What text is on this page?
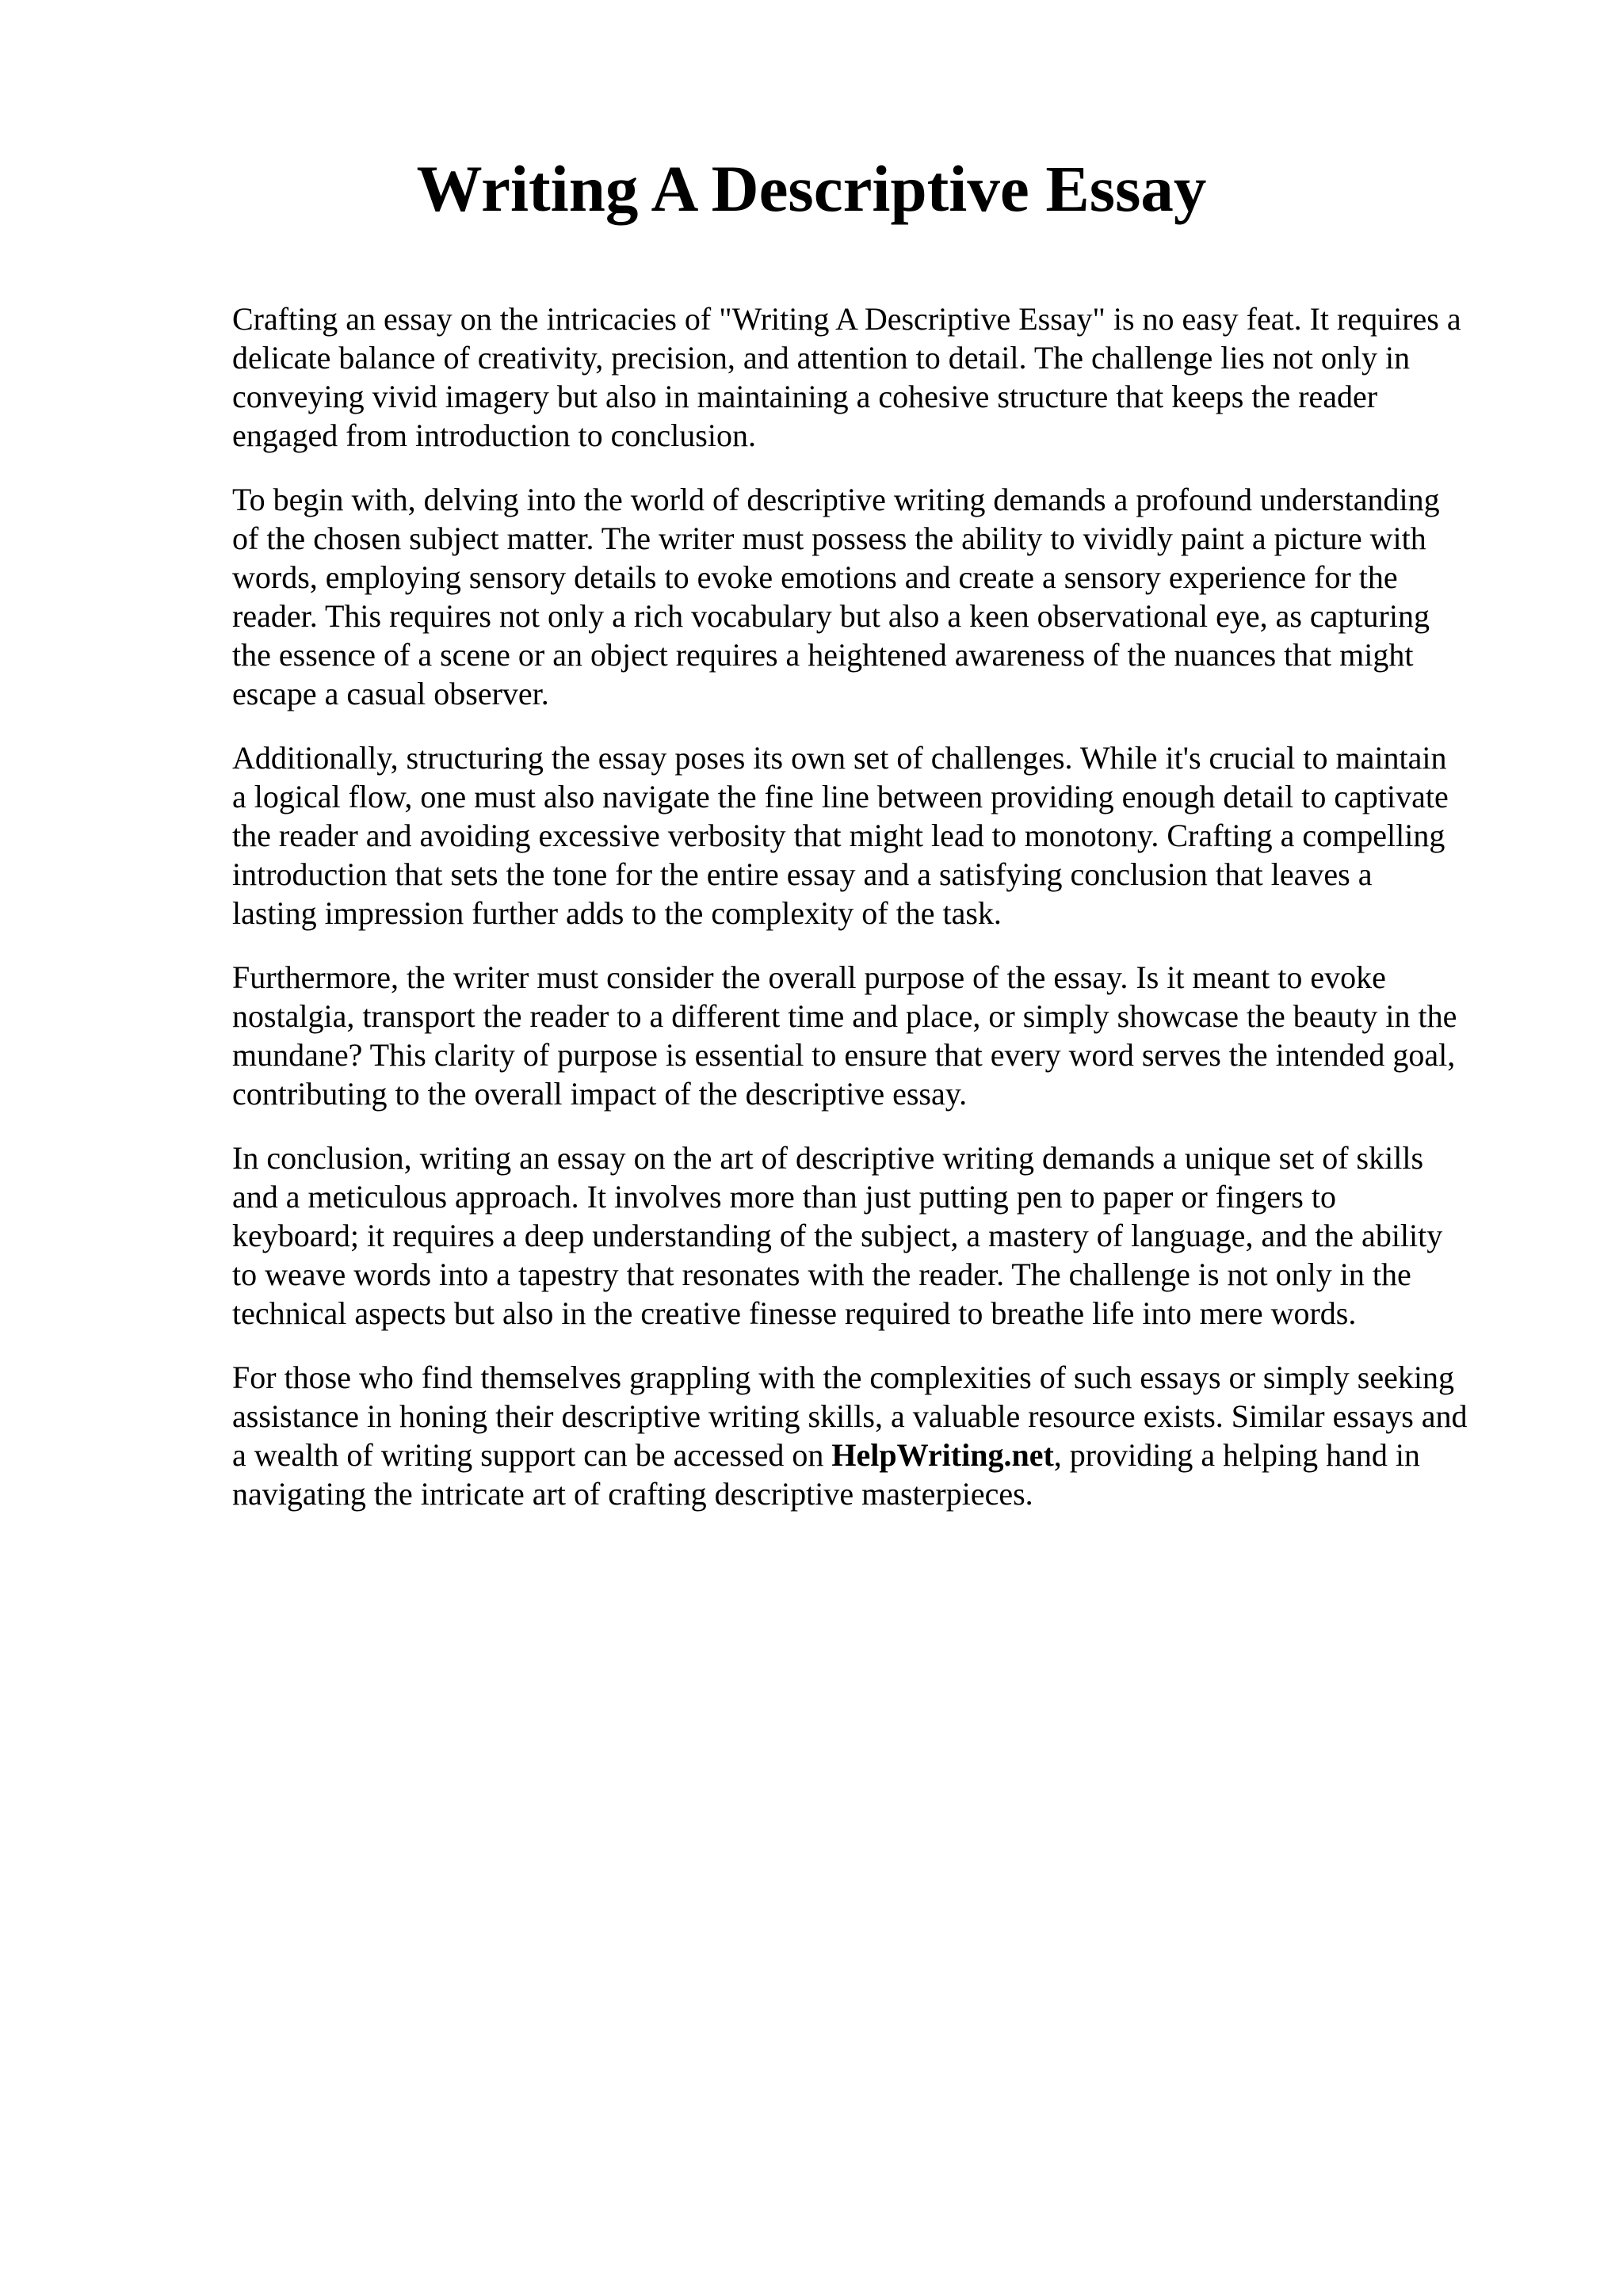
Writing A Descriptive Essay

Crafting an essay on the intricacies of "Writing A Descriptive Essay" is no easy feat. It requires a
delicate balance of creativity, precision, and attention to detail. The challenge lies not only in
conveying vivid imagery but also in maintaining a cohesive structure that keeps the reader
engaged from introduction to conclusion.

To begin with, delving into the world of descriptive writing demands a profound understanding
of the chosen subject matter. The writer must possess the ability to vividly paint a picture with
words, employing sensory details to evoke emotions and create a sensory experience for the
reader. This requires not only a rich vocabulary but also a keen observational eye, as capturing
the essence of a scene or an object requires a heightened awareness of the nuances that might
escape a casual observer.

Additionally, structuring the essay poses its own set of challenges. While it's crucial to maintain
a logical flow, one must also navigate the fine line between providing enough detail to captivate
the reader and avoiding excessive verbosity that might lead to monotony. Crafting a compelling
introduction that sets the tone for the entire essay and a satisfying conclusion that leaves a
lasting impression further adds to the complexity of the task.

Furthermore, the writer must consider the overall purpose of the essay. Is it meant to evoke
nostalgia, transport the reader to a different time and place, or simply showcase the beauty in the
mundane? This clarity of purpose is essential to ensure that every word serves the intended goal,
contributing to the overall impact of the descriptive essay.

In conclusion, writing an essay on the art of descriptive writing demands a unique set of skills
and a meticulous approach. It involves more than just putting pen to paper or fingers to
keyboard; it requires a deep understanding of the subject, a mastery of language, and the ability
to weave words into a tapestry that resonates with the reader. The challenge is not only in the
technical aspects but also in the creative finesse required to breathe life into mere words.

For those who find themselves grappling with the complexities of such essays or simply seeking
assistance in honing their descriptive writing skills, a valuable resource exists. Similar essays and
a wealth of writing support can be accessed on HelpWriting.net, providing a helping hand in
navigating the intricate art of crafting descriptive masterpieces.
